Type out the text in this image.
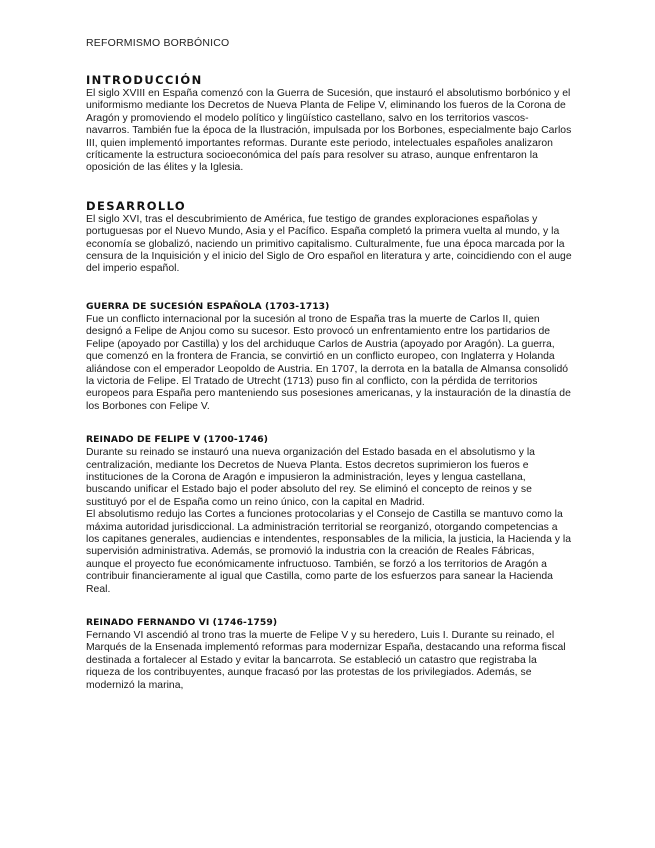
REFORMISMO BORBÓNICO

INTRODUCCIÓN

El siglo XVIII en España comenzó con la Guerra de Sucesión, que instauró el absolutismo borbónico y el uniformismo mediante los Decretos de Nueva Planta de Felipe V, eliminando los fueros de la Corona de Aragón y promoviendo el modelo político y lingüístico castellano, salvo en los territorios vascos-navarros. También fue la época de la Ilustración, impulsada por los Borbones, especialmente bajo Carlos III, quien implementó importantes reformas. Durante este periodo, intelectuales españoles analizaron críticamente la estructura socioeconómica del país para resolver su atraso, aunque enfrentaron la oposición de las élites y la Iglesia.

DESARROLLO

El siglo XVI, tras el descubrimiento de América, fue testigo de grandes exploraciones españolas y portuguesas por el Nuevo Mundo, Asia y el Pacífico. España completó la primera vuelta al mundo, y la economía se globalizó, naciendo un primitivo capitalismo. Culturalmente, fue una época marcada por la censura de la Inquisición y el inicio del Siglo de Oro español en literatura y arte, coincidiendo con el auge del imperio español.

GUERRA DE SUCESIÓN ESPAÑOLA (1703-1713)

Fue un conflicto internacional por la sucesión al trono de España tras la muerte de Carlos II, quien designó a Felipe de Anjou como su sucesor. Esto provocó un enfrentamiento entre los partidarios de Felipe (apoyado por Castilla) y los del archiduque Carlos de Austria (apoyado por Aragón). La guerra, que comenzó en la frontera de Francia, se convirtió en un conflicto europeo, con Inglaterra y Holanda aliándose con el emperador Leopoldo de Austria. En 1707, la derrota en la batalla de Almansa consolidó la victoria de Felipe. El Tratado de Utrecht (1713) puso fin al conflicto, con la pérdida de territorios europeos para España pero manteniendo sus posesiones americanas, y la instauración de la dinastía de los Borbones con Felipe V.

REINADO DE FELIPE V (1700-1746)

Durante su reinado se instauró una nueva organización del Estado basada en el absolutismo y la centralización, mediante los Decretos de Nueva Planta. Estos decretos suprimieron los fueros e instituciones de la Corona de Aragón e impusieron la administración, leyes y lengua castellana, buscando unificar el Estado bajo el poder absoluto del rey. Se eliminó el concepto de reinos y se sustituyó por el de España como un reino único, con la capital en Madrid.

El absolutismo redujo las Cortes a funciones protocolarias y el Consejo de Castilla se mantuvo como la máxima autoridad jurisdiccional. La administración territorial se reorganizó, otorgando competencias a los capitanes generales, audiencias e intendentes, responsables de la milicia, la justicia, la Hacienda y la supervisión administrativa. Además, se promovió la industria con la creación de Reales Fábricas, aunque el proyecto fue económicamente infructuoso. También, se forzó a los territorios de Aragón a contribuir financieramente al igual que Castilla, como parte de los esfuerzos para sanear la Hacienda Real.

REINADO FERNANDO VI (1746-1759)

Fernando VI ascendió al trono tras la muerte de Felipe V y su heredero, Luis I. Durante su reinado, el Marqués de la Ensenada implementó reformas para modernizar España, destacando una reforma fiscal destinada a fortalecer al Estado y evitar la bancarrota. Se estableció un catastro que registraba la riqueza de los contribuyentes, aunque fracasó por las protestas de los privilegiados. Además, se modernizó la marina,
